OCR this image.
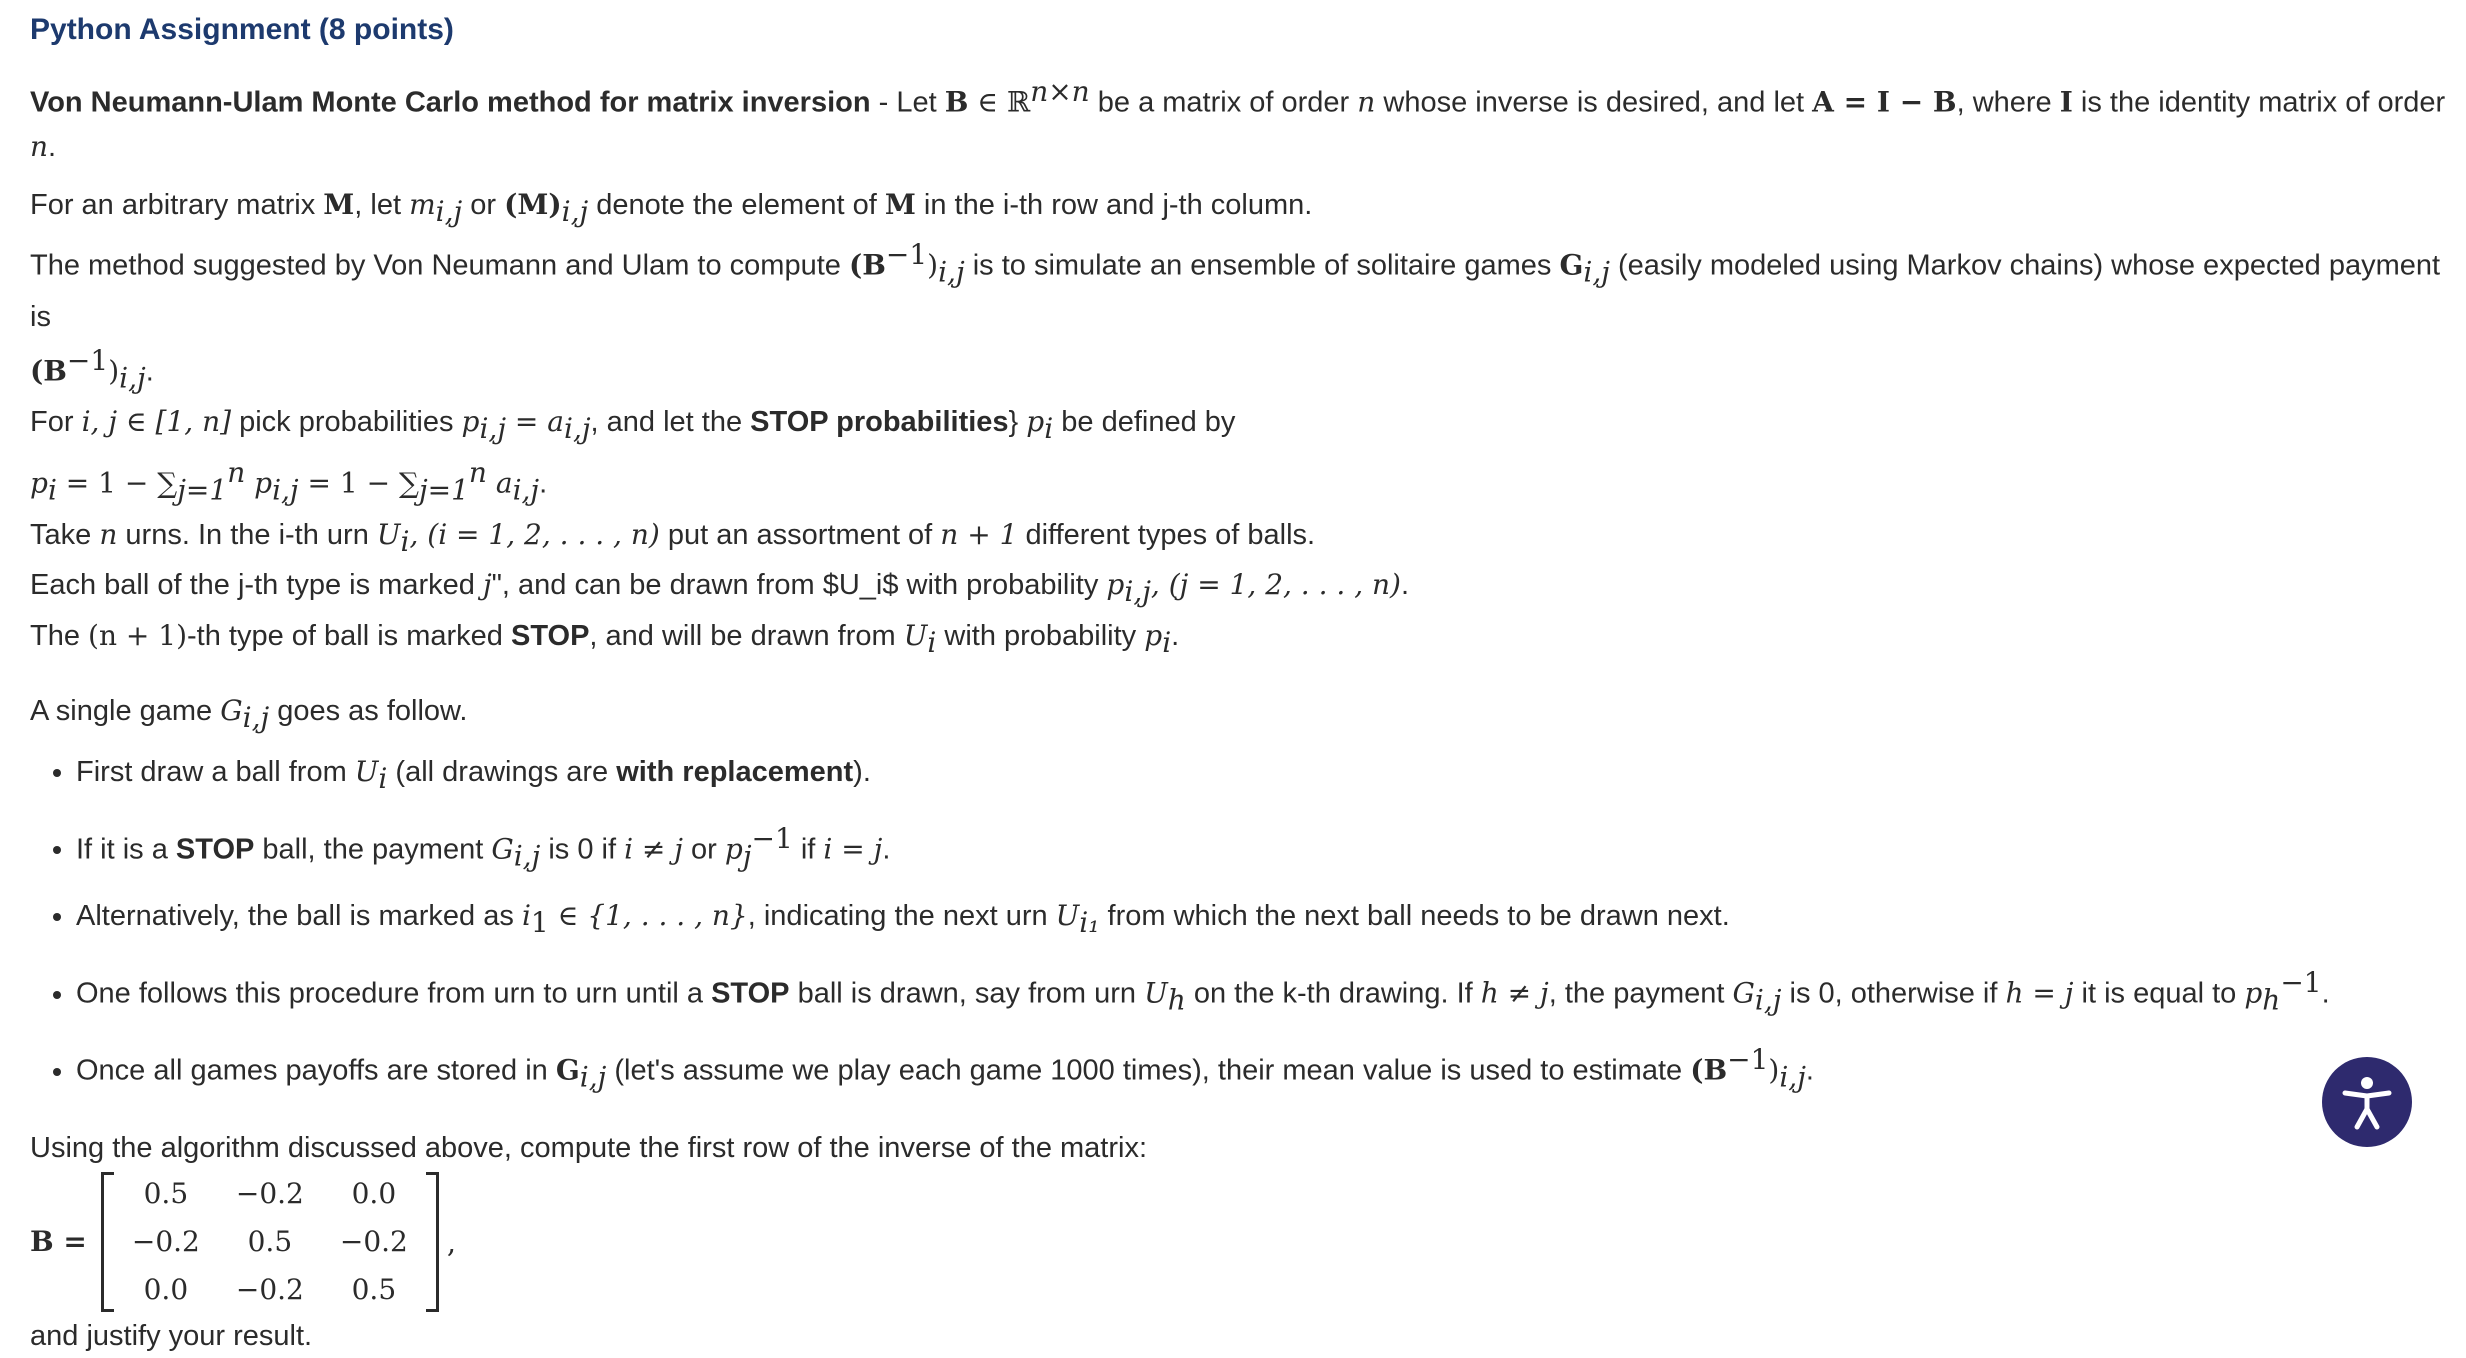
Python Assignment (8 points)
Von Neumann-Ulam Monte Carlo method for matrix inversion - Let B ∈ ℝ$^{n\times n}$ be a matrix of order n whose inverse is desired, and let A = I − B, where I is the identity matrix of order n.

For an arbitrary matrix M, let $m_{i,j}$ or $(M)_{i,j}$ denote the element of M in the i-th row and j-th column.

The method suggested by Von Neumann and Ulam to compute $(B^{-1})_{i,j}$ is to simulate an ensemble of solitaire games $G_{i,j}$ (easily modeled using Markov chains) whose expected payment is

$(B^{-1})_{i,j}$.

For i, j ∈ [1, n] pick probabilities $p_{i,j} = a_{i,j}$, and let the STOP probabilities} $p_i$ be defined by

$p_i = 1 - \sum_{j=1}^n$ $p_{i,j} = 1 - \sum_{j=1}^n$ $a_{i,j}$.

Take n urns. In the i-th urn $U_i$, (i = 1, 2, . . . , n) put an assortment of n + 1 different types of balls.

Each ball of the j-th type is marked j", and can be drawn from $U_i$ with probability $p_{i,j}$, (j = 1, 2, . . . , n).

The (n + 1)-th type of ball is marked STOP, and will be drawn from $U_i$ with probability $p_i$.

A single game $G_{i,j}$ goes as follow.
• First draw a ball from $U_i$ (all drawings are with replacement).
• If it is a STOP ball, the payment $G_{i,j}$ is 0 if i ≠ j or $p_j^{-1}$ if i = j.
• Alternatively, the ball is marked as $i_1$ ∈ {1, . . . , n}, indicating the next urn $U_{i_1}$ from which the next ball needs to be drawn next.
• One follows this procedure from urn to urn until a STOP ball is drawn, say from urn $U_h$ on the k-th drawing. If h ≠ j, the payment $G_{i,j}$ is 0, otherwise if h = j it is equal to $p_h^{-1}$.
• Once all games payoffs are stored in $G_{i,j}$ (let's assume we play each game 1000 times), their mean value is used to estimate $(B^{-1})_{i,j}$.
Using the algorithm discussed above, compute the first row of the inverse of the matrix:
B =
0.5	−0.2	0.0
−0.2	0.5	−0.2
0.0	−0.2	0.5
,
and justify your result.
